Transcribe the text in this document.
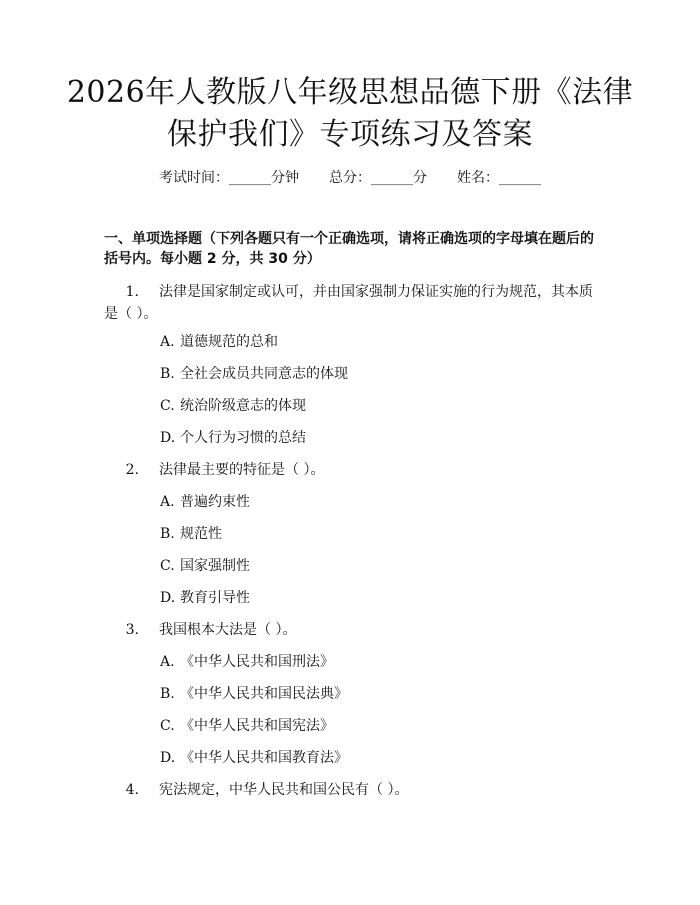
2026年人教版八年级思想品德下册《法律保护我们》专项练习及答案
考试时间：______分钟 总分：______分 姓名：______
一、单项选择题（下列各题只有一个正确选项，请将正确选项的字母填在题后的括号内。每小题 2 分，共 30 分）
1. 法律是国家制定或认可，并由国家强制力保证实施的行为规范，其本质是（ ）。
A. 道德规范的总和
B. 全社会成员共同意志的体现
C. 统治阶级意志的体现
D. 个人行为习惯的总结
2. 法律最主要的特征是（ ）。
A. 普遍约束性
B. 规范性
C. 国家强制性
D. 教育引导性
3. 我国根本大法是（ ）。
A. 《中华人民共和国刑法》
B. 《中华人民共和国民法典》
C. 《中华人民共和国宪法》
D. 《中华人民共和国教育法》
4. 宪法规定，中华人民共和国公民有（ ）。
